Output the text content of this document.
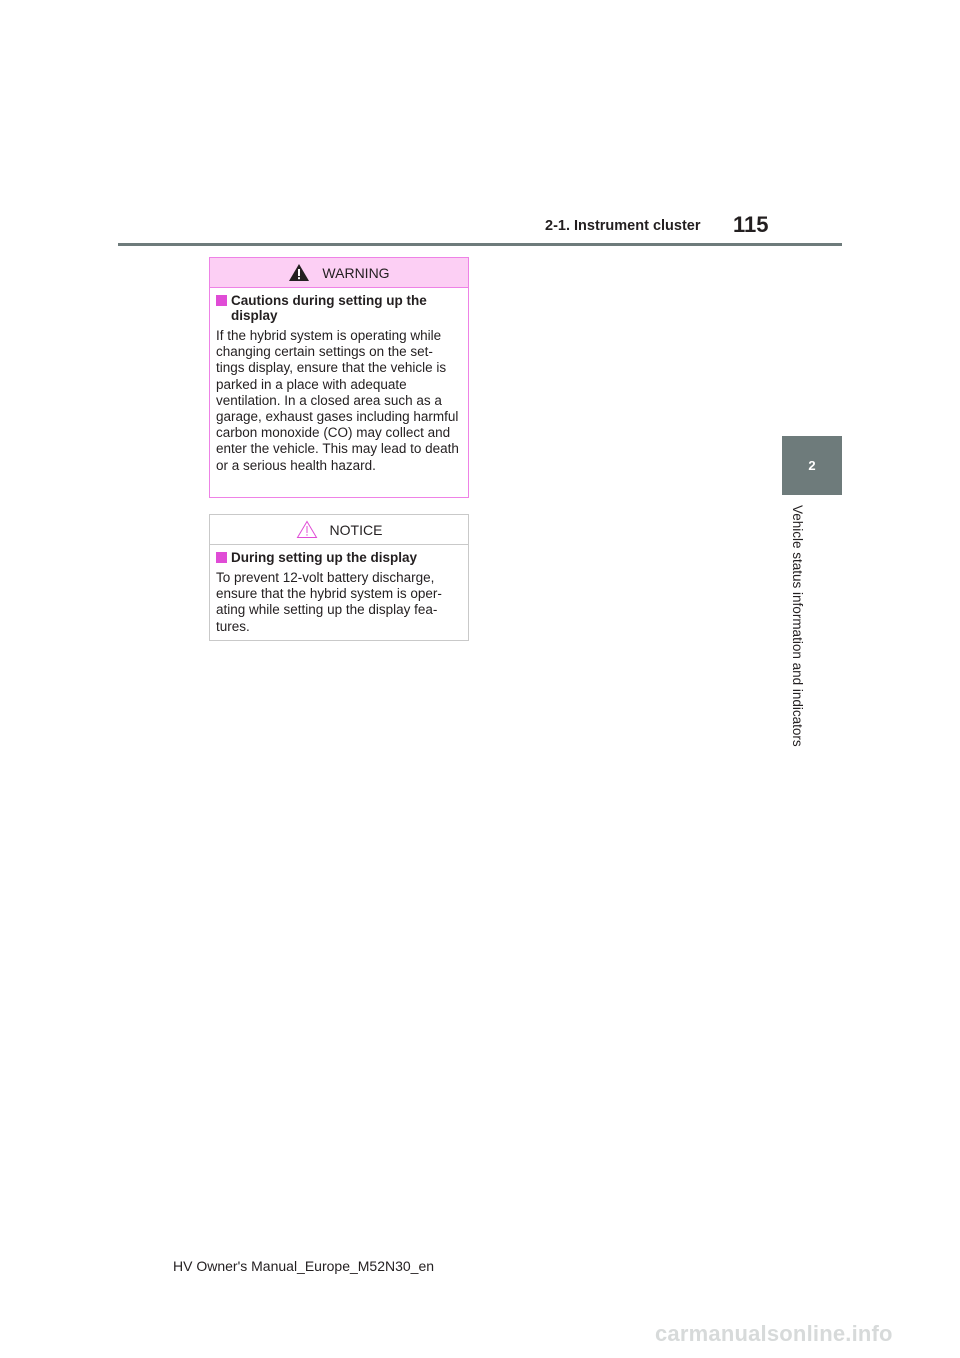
2-1. Instrument cluster 115
2
Vehicle status information and indicators
WARNING
Cautions during setting up the display
If the hybrid system is operating while changing certain settings on the set-tings display, ensure that the vehicle is parked in a place with adequate ventilation. In a closed area such as a garage, exhaust gases including harmful carbon monoxide (CO) may collect and enter the vehicle. This may lead to death or a serious health hazard.
NOTICE
During setting up the display
To prevent 12-volt battery discharge, ensure that the hybrid system is oper-ating while setting up the display fea-tures.
HV Owner's Manual_Europe_M52N30_en
carmanualsonline.info
